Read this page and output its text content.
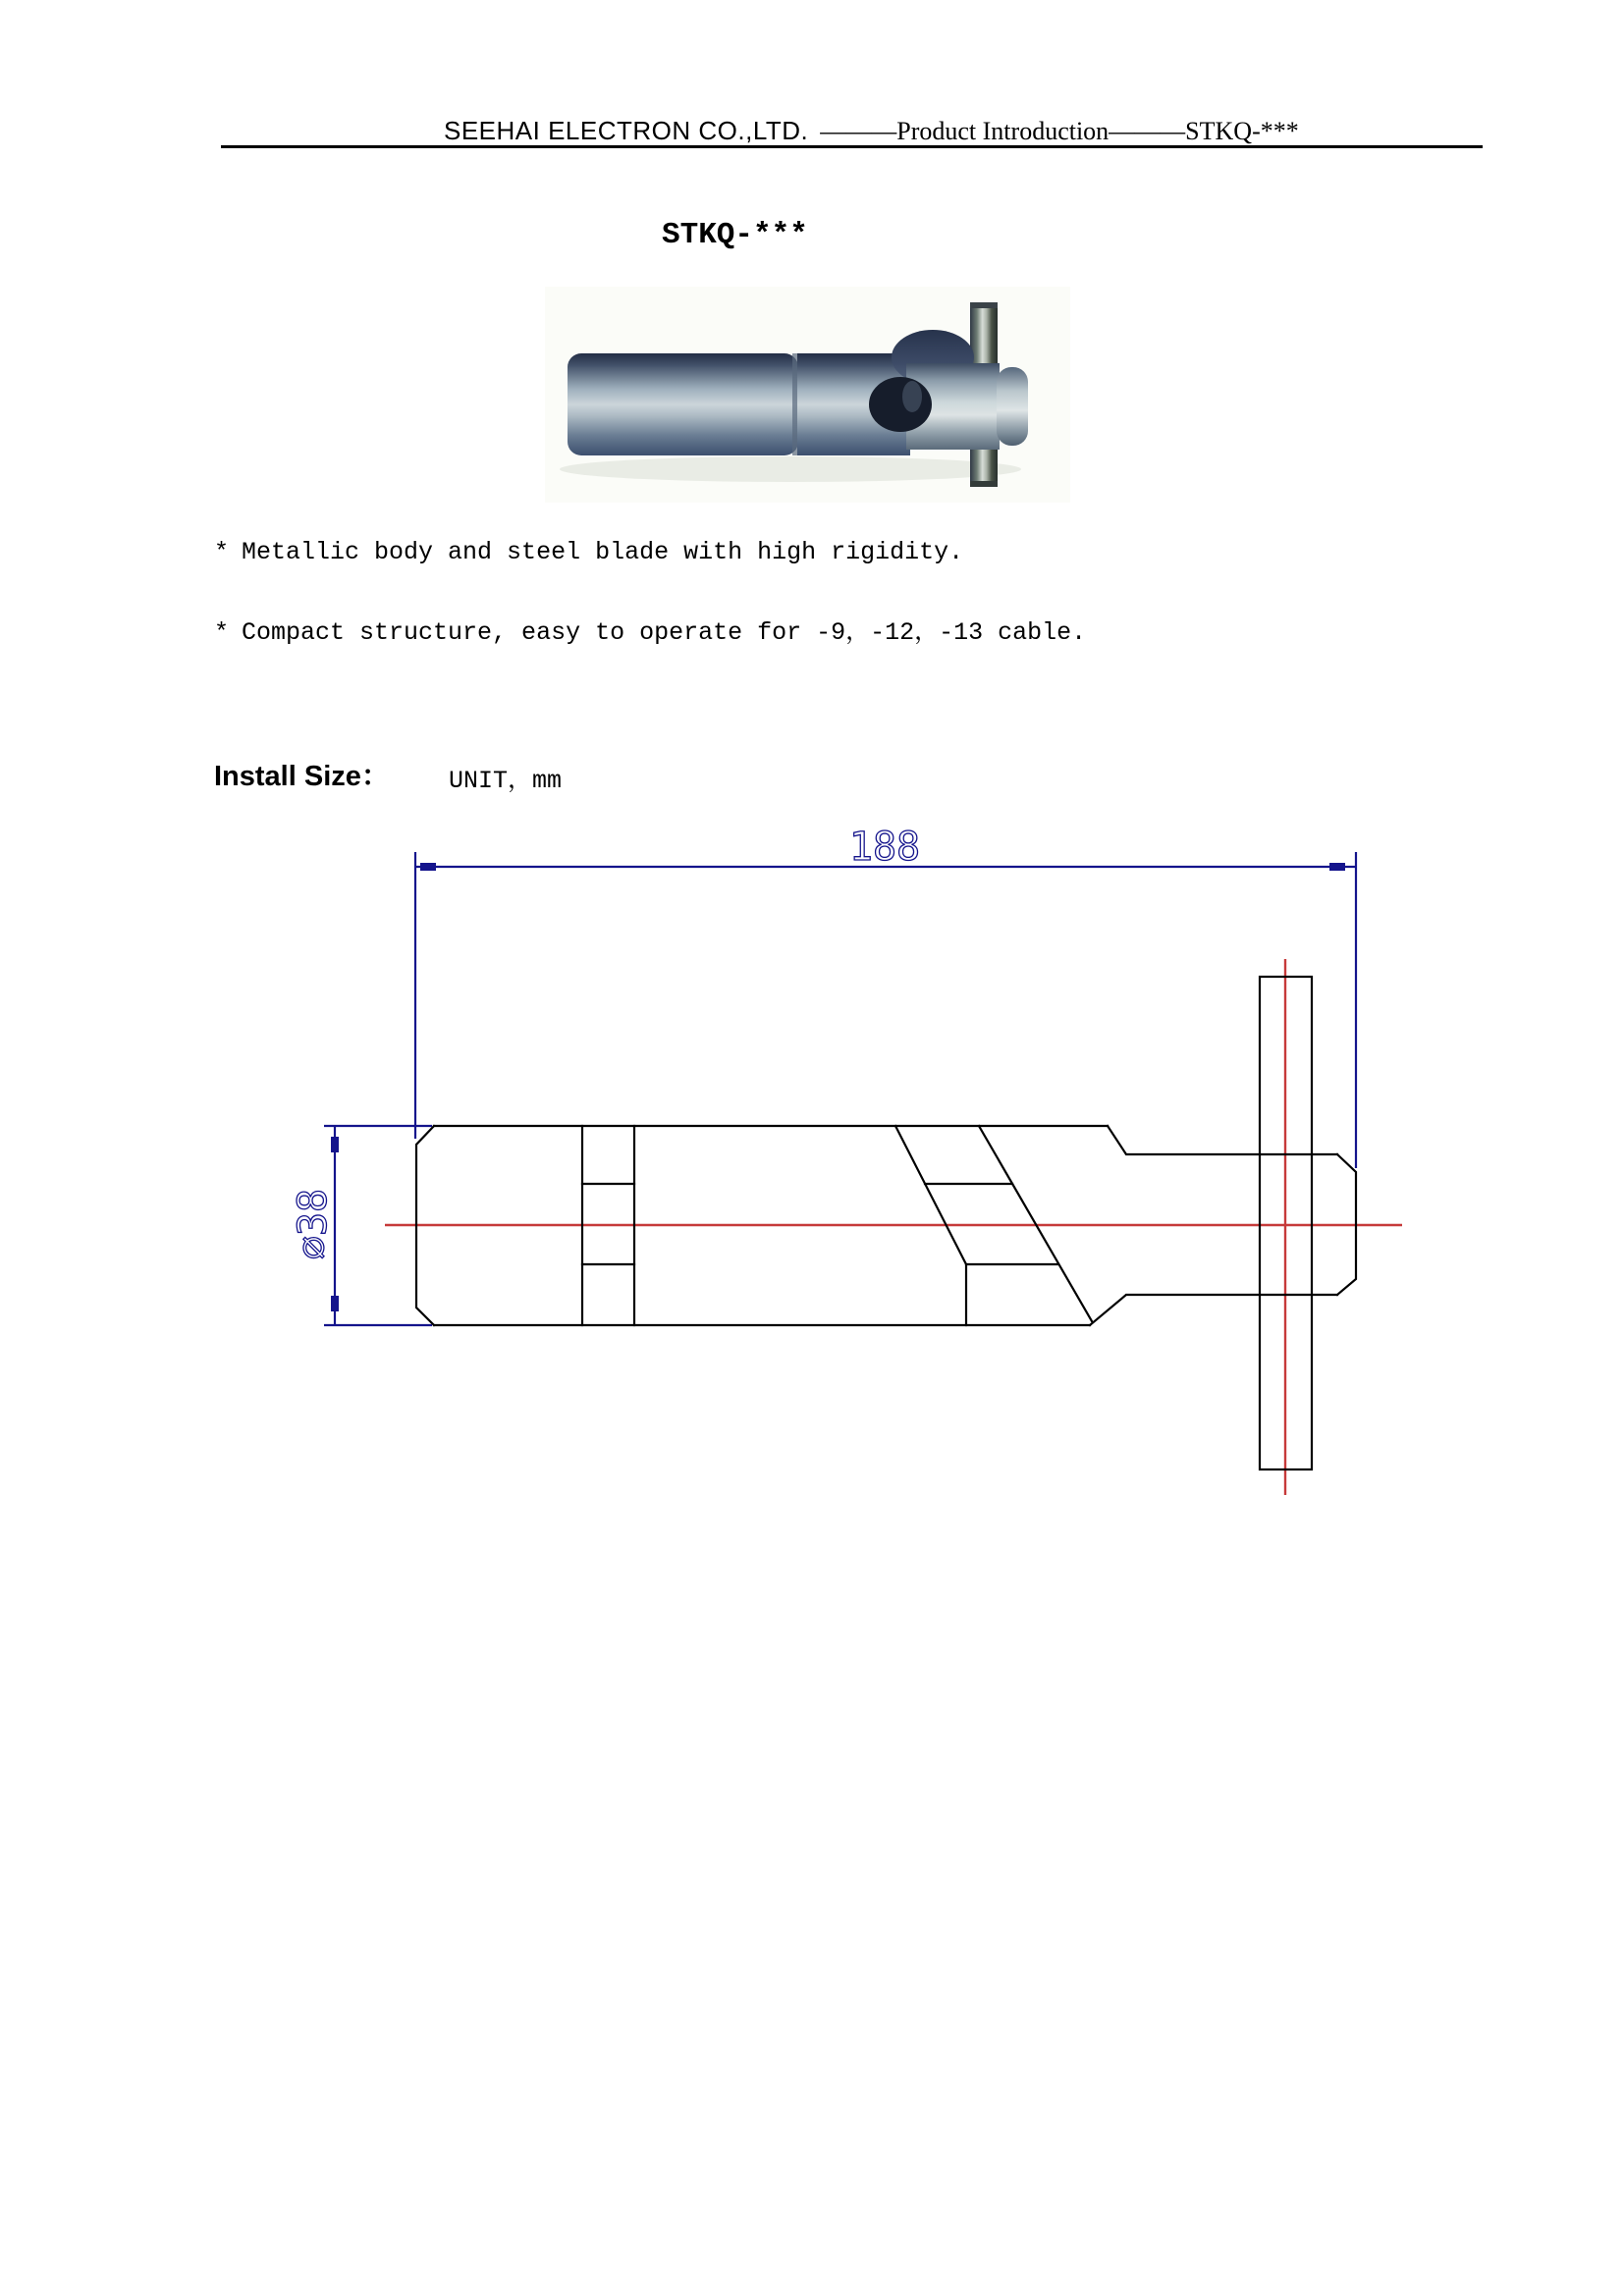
SEEHAI ELECTRON CO.,LTD. ———Product Introduction———STKQ-***
STKQ-***
* Metallic body and steel blade with high rigidity.
* Compact structure, easy to operate for -9，-12，-13 cable.
Install Size： UNIT，mm
188
∅38
